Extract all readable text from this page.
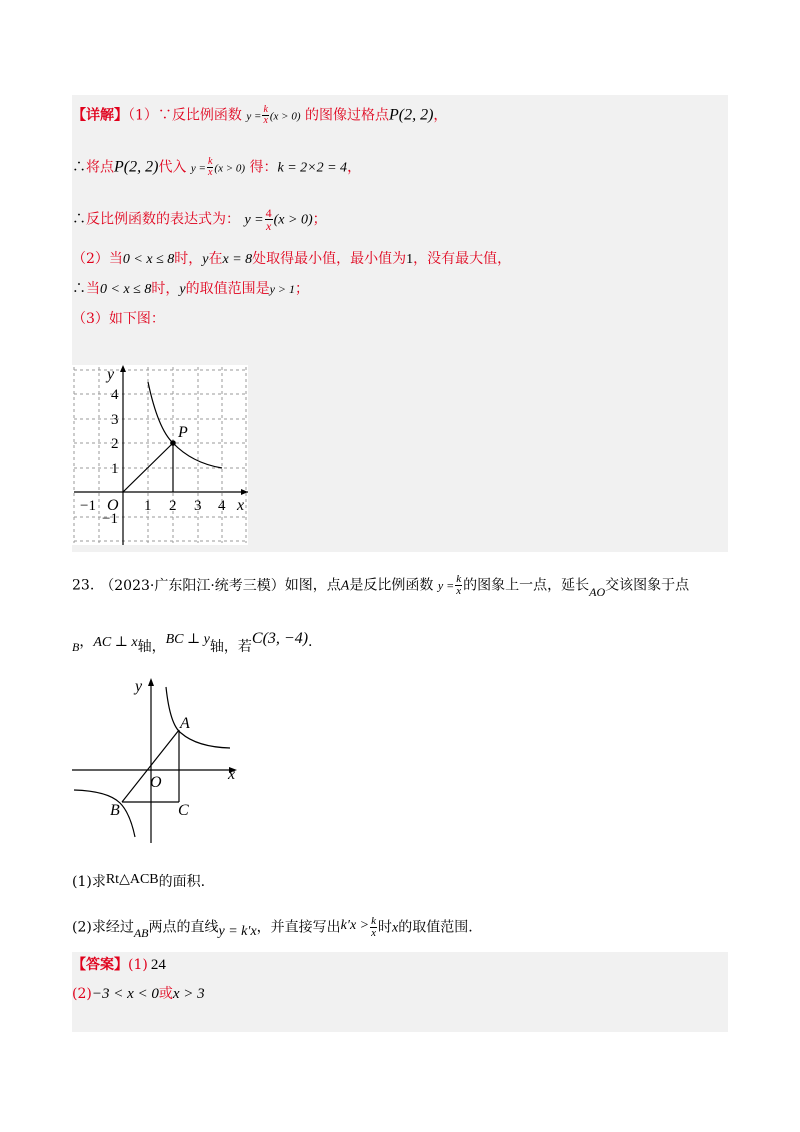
【详解】（1）∵反比例函数 $y = \frac{k}{x} (x > 0)$ 的图像过格点P(2, 2)，
∴将点P(2, 2)代入 $y = \frac{k}{x} (x > 0)$ 得：k = 2×2 = 4，
∴反比例函数的表达式为： $y = \frac{4}{x} (x > 0)$；
（2）当0 < x ≤ 8时，y在x = 8处取得最小值，最小值为1，没有最大值，
∴当0 < x ≤ 8时，y的取值范围是y > 1；
（3）如下图：
y
x
O
P
−1	1 2 3 4
4
3
2
1
−1
23. （2023·广东阳江·统考三模）如图，点A是反比例函数 $y = \frac{k}{x}$ 的图象上一点，延长AO交该图象于点
B，AC ⊥ x轴，BC ⊥ y轴，若C(3, −4).
y
x
O
A
B	C
(1)求Rt△ACB的面积.
(2)求经过AB两点的直线y = k′x，并直接写出$k'x > \frac{k}{x}$ 时x的取值范围.
【答案】(1) 24
(2)−3 < x < 0或x > 3
